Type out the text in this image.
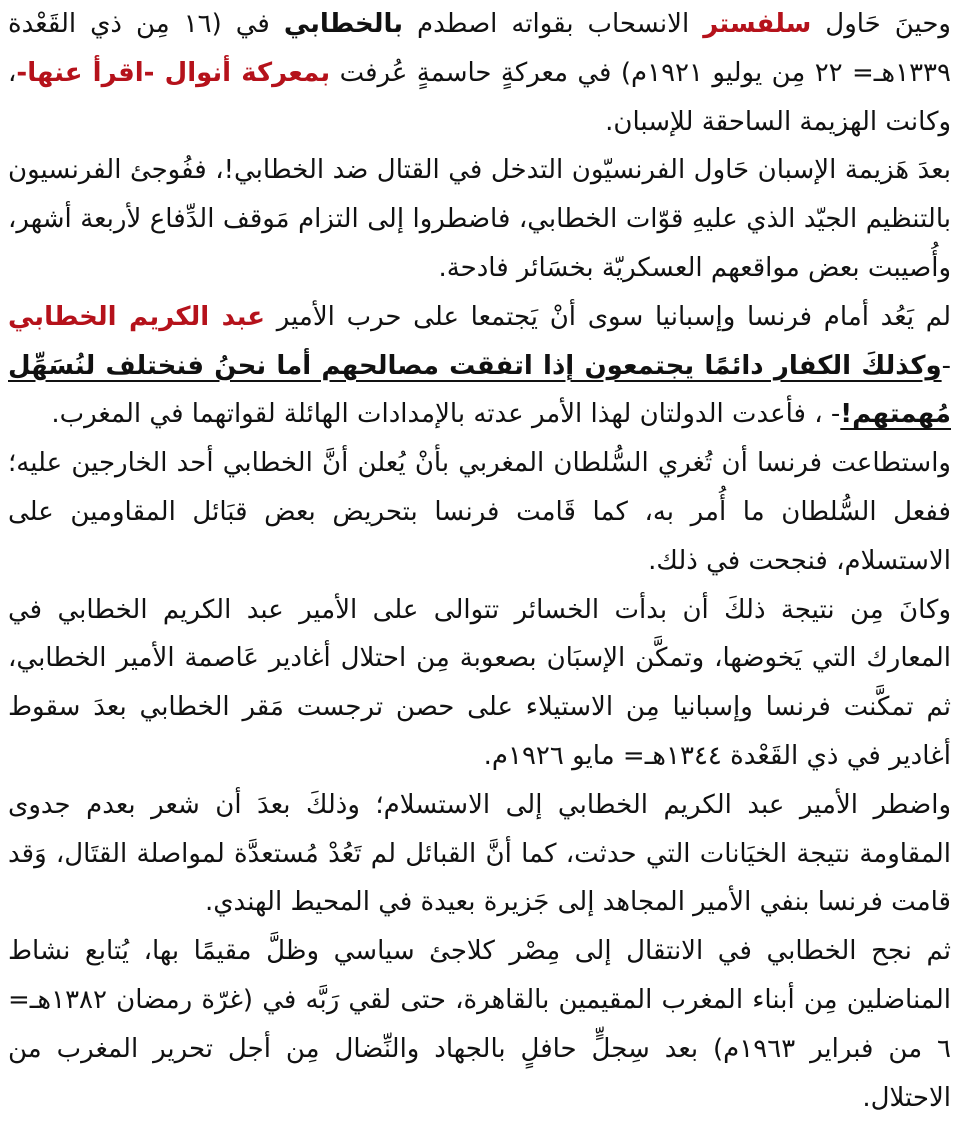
وحينَ حَاول سلفستر الانسحاب بقواته اصطدم بالخطابي في (١٦ مِن ذي القَعْدة ١٣٣٩هـ= ٢٢ مِن يوليو ١٩٢١م) في معركةٍ حاسمةٍ عُرفت بمعركة أنوال -اقرأ عنها-، وكانت الهزيمة الساحقة للإسبان.

بعدَ هَزيمة الإسبان حَاول الفرنسيّون التدخل في القتال ضد الخطابي!، ففُوجئ الفرنسيون بالتنظيم الجيّد الذي عليهِ قوّات الخطابي، فاضطروا إلى التزام مَوقف الدِّفاع لأربعة أشهر، وأُصيبت بعض مواقعهم العسكريّة بخسَائر فادحة.

لم يَعُد أمام فرنسا وإسبانيا سوى أنْ يَجتمعا على حرب الأمير عبد الكريم الخطابي -وكذلكَ الكفار دائمًا يجتمعون إذا اتفقت مصالحهم أما نحنُ فنختلف لنُسَهِّل مُهمتهم!- ، فأعدت الدولتان لهذا الأمر عدته بالإمدادات الهائلة لقواتهما في المغرب.

واستطاعت فرنسا أن تُغري السُّلطان المغربي بأنْ يُعلن أنَّ الخطابي أحد الخارجين عليه؛ ففعل السُّلطان ما أُمر به، كما قَامت فرنسا بتحريض بعض قبَائل المقاومين على الاستسلام، فنجحت في ذلك.

وكانَ مِن نتيجة ذلكَ أن بدأت الخسائر تتوالى على الأمير عبد الكريم الخطابي في المعارك التي يَخوضها، وتمكَّن الإسبَان بصعوبة مِن احتلال أغادير عَاصمة الأمير الخطابي، ثم تمكَّنت فرنسا وإسبانيا مِن الاستيلاء على حصن ترجست مَقر الخطابي بعدَ سقوط أغادير في ذي القَعْدة ١٣٤٤هـ= مايو ١٩٢٦م.

واضطر الأمير عبد الكريم الخطابي إلى الاستسلام؛ وذلكَ بعدَ أن شعر بعدم جدوى المقاومة نتيجة الخيَانات التي حدثت، كما أنَّ القبائل لم تَعُدْ مُستعدَّة لمواصلة القتَال، وَقد قامت فرنسا بنفي الأمير المجاهد إلى جَزيرة بعيدة في المحيط الهندي.

ثم نجح الخطابي في الانتقال إلى مِصْر كلاجئ سياسي وظلَّ مقيمًا بها، يُتابع نشاط المناضلين مِن أبناء المغرب المقيمين بالقاهرة، حتى لقي رَبَّه في (غرّة رمضان ١٣٨٢هـ= ٦ من فبراير ١٩٦٣م) بعد سِجلٍّ حافلٍ بالجهاد والنِّضال مِن أجل تحرير المغرب من الاحتلال.
